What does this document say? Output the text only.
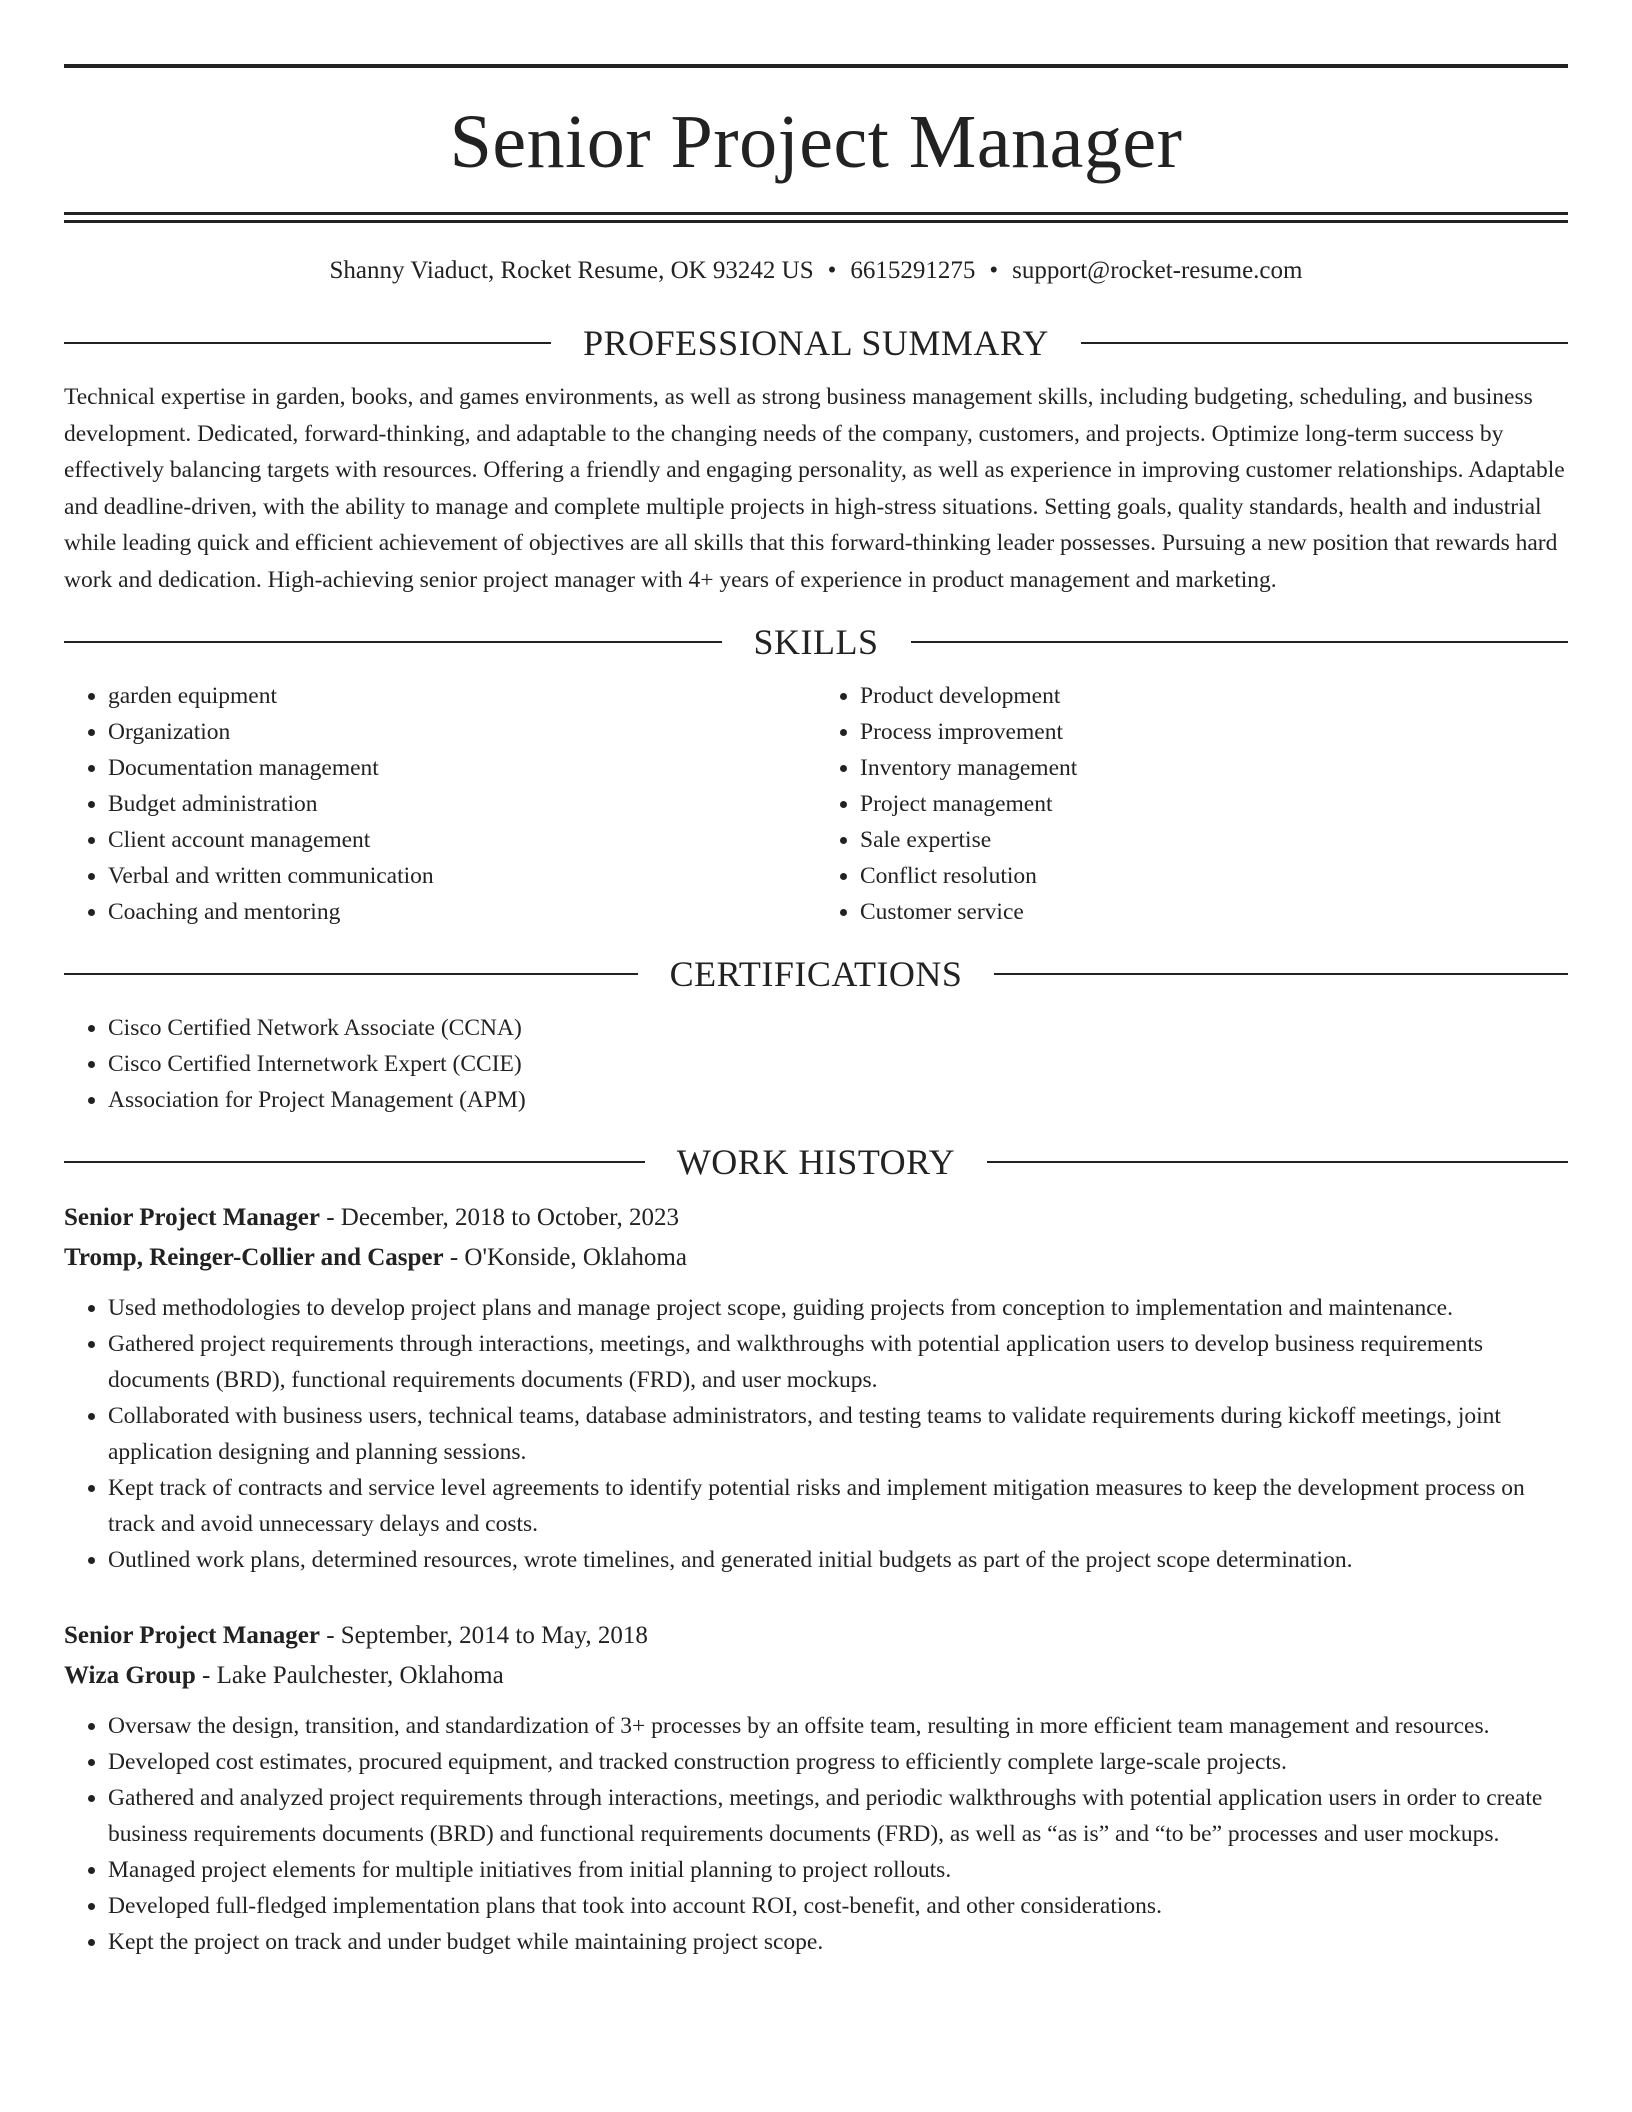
Senior Project Manager
Shanny Viaduct, Rocket Resume, OK 93242 US • 6615291275 • support@rocket-resume.com
PROFESSIONAL SUMMARY

Technical expertise in garden, books, and games environments, as well as strong business management skills, including budgeting, scheduling, and business development. Dedicated, forward-thinking, and adaptable to the changing needs of the company, customers, and projects. Optimize long-term success by effectively balancing targets with resources. Offering a friendly and engaging personality, as well as experience in improving customer relationships. Adaptable and deadline-driven, with the ability to manage and complete multiple projects in high-stress situations. Setting goals, quality standards, health and industrial while leading quick and efficient achievement of objectives are all skills that this forward-thinking leader possesses. Pursuing a new position that rewards hard work and dedication. High-achieving senior project manager with 4+ years of experience in product management and marketing.

SKILLS
• garden equipment
• Organization
• Documentation management
• Budget administration
• Client account management
• Verbal and written communication
• Coaching and mentoring
• Product development
• Process improvement
• Inventory management
• Project management
• Sale expertise
• Conflict resolution
• Customer service
CERTIFICATIONS
• Cisco Certified Network Associate (CCNA)
• Cisco Certified Internetwork Expert (CCIE)
• Association for Project Management (APM)
WORK HISTORY
Senior Project Manager - December, 2018 to October, 2023
Tromp, Reinger-Collier and Casper - O'Konside, Oklahoma
• Used methodologies to develop project plans and manage project scope, guiding projects from conception to implementation and maintenance.
• Gathered project requirements through interactions, meetings, and walkthroughs with potential application users to develop business requirements documents (BRD), functional requirements documents (FRD), and user mockups.
• Collaborated with business users, technical teams, database administrators, and testing teams to validate requirements during kickoff meetings, joint application designing and planning sessions.
• Kept track of contracts and service level agreements to identify potential risks and implement mitigation measures to keep the development process on track and avoid unnecessary delays and costs.
• Outlined work plans, determined resources, wrote timelines, and generated initial budgets as part of the project scope determination.
Senior Project Manager - September, 2014 to May, 2018
Wiza Group - Lake Paulchester, Oklahoma
• Oversaw the design, transition, and standardization of 3+ processes by an offsite team, resulting in more efficient team management and resources.
• Developed cost estimates, procured equipment, and tracked construction progress to efficiently complete large-scale projects.
• Gathered and analyzed project requirements through interactions, meetings, and periodic walkthroughs with potential application users in order to create business requirements documents (BRD) and functional requirements documents (FRD), as well as “as is” and “to be” processes and user mockups.
• Managed project elements for multiple initiatives from initial planning to project rollouts.
• Developed full-fledged implementation plans that took into account ROI, cost-benefit, and other considerations.
• Kept the project on track and under budget while maintaining project scope.
